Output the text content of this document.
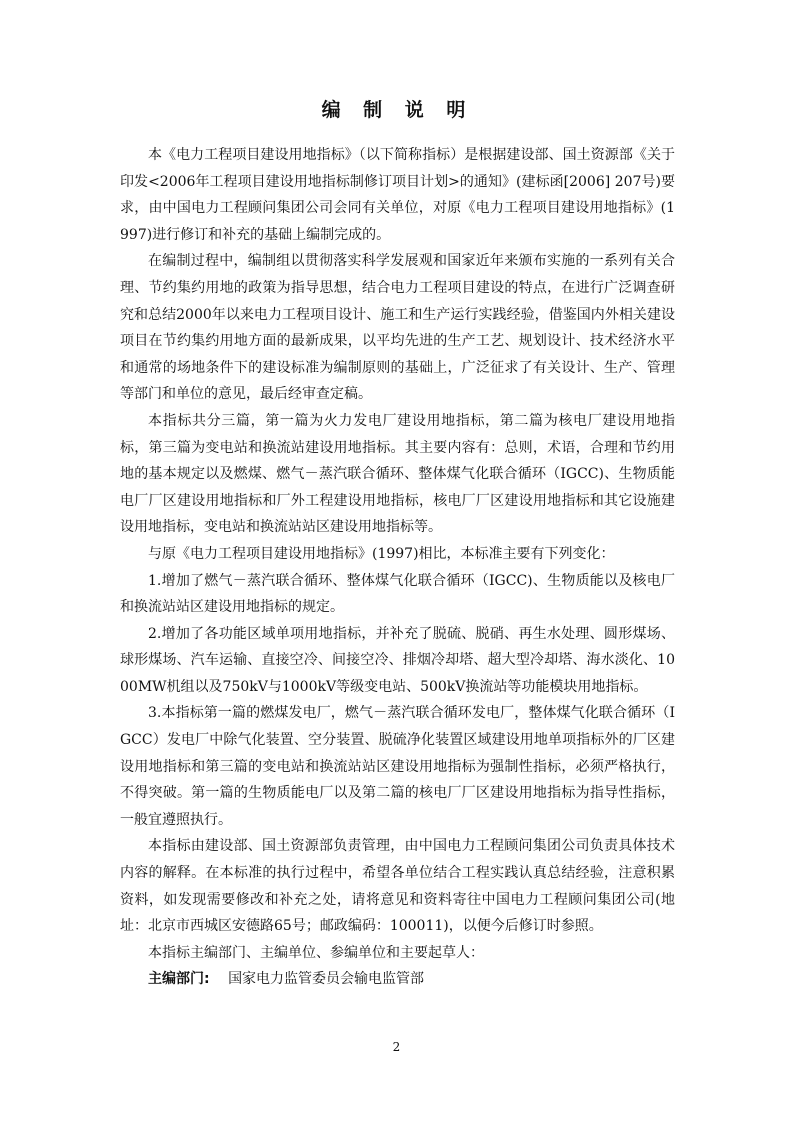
编 制 说 明

本《电力工程项目建设用地指标》（以下简称指标）是根据建设部、国土资源部《关于印发<2006年工程项目建设用地指标制修订项目计划>的通知》(建标函[2006] 207号)要求，由中国电力工程顾问集团公司会同有关单位，对原《电力工程项目建设用地指标》(1997)进行修订和补充的基础上编制完成的。

在编制过程中，编制组以贯彻落实科学发展观和国家近年来颁布实施的一系列有关合理、节约集约用地的政策为指导思想，结合电力工程项目建设的特点，在进行广泛调查研究和总结2000年以来电力工程项目设计、施工和生产运行实践经验，借鉴国内外相关建设项目在节约集约用地方面的最新成果，以平均先进的生产工艺、规划设计、技术经济水平和通常的场地条件下的建设标准为编制原则的基础上，广泛征求了有关设计、生产、管理等部门和单位的意见，最后经审查定稿。

本指标共分三篇，第一篇为火力发电厂建设用地指标，第二篇为核电厂建设用地指标，第三篇为变电站和换流站建设用地指标。其主要内容有：总则，术语，合理和节约用地的基本规定以及燃煤、燃气－蒸汽联合循环、整体煤气化联合循环（IGCC)、生物质能电厂厂区建设用地指标和厂外工程建设用地指标，核电厂厂区建设用地指标和其它设施建设用地指标，变电站和换流站站区建设用地指标等。

与原《电力工程项目建设用地指标》(1997)相比，本标准主要有下列变化：

1.增加了燃气－蒸汽联合循环、整体煤气化联合循环（IGCC)、生物质能以及核电厂和换流站站区建设用地指标的规定。

2.增加了各功能区域单项用地指标，并补充了脱硫、脱硝、再生水处理、圆形煤场、球形煤场、汽车运输、直接空冷、间接空冷、排烟冷却塔、超大型冷却塔、海水淡化、1000MW机组以及750kV与1000kV等级变电站、500kV换流站等功能模块用地指标。

3.本指标第一篇的燃煤发电厂，燃气－蒸汽联合循环发电厂，整体煤气化联合循环（IGCC）发电厂中除气化装置、空分装置、脱硫净化装置区域建设用地单项指标外的厂区建设用地指标和第三篇的变电站和换流站站区建设用地指标为强制性指标，必须严格执行，不得突破。第一篇的生物质能电厂以及第二篇的核电厂厂区建设用地指标为指导性指标，一般宜遵照执行。

本指标由建设部、国土资源部负责管理，由中国电力工程顾问集团公司负责具体技术内容的解释。在本标准的执行过程中，希望各单位结合工程实践认真总结经验，注意积累资料，如发现需要修改和补充之处，请将意见和资料寄往中国电力工程顾问集团公司(地址：北京市西城区安德路65号；邮政编码：100011)，以便今后修订时参照。

本指标主编部门、主编单位、参编单位和主要起草人：

主编部门: 国家电力监管委员会输电监管部
2
